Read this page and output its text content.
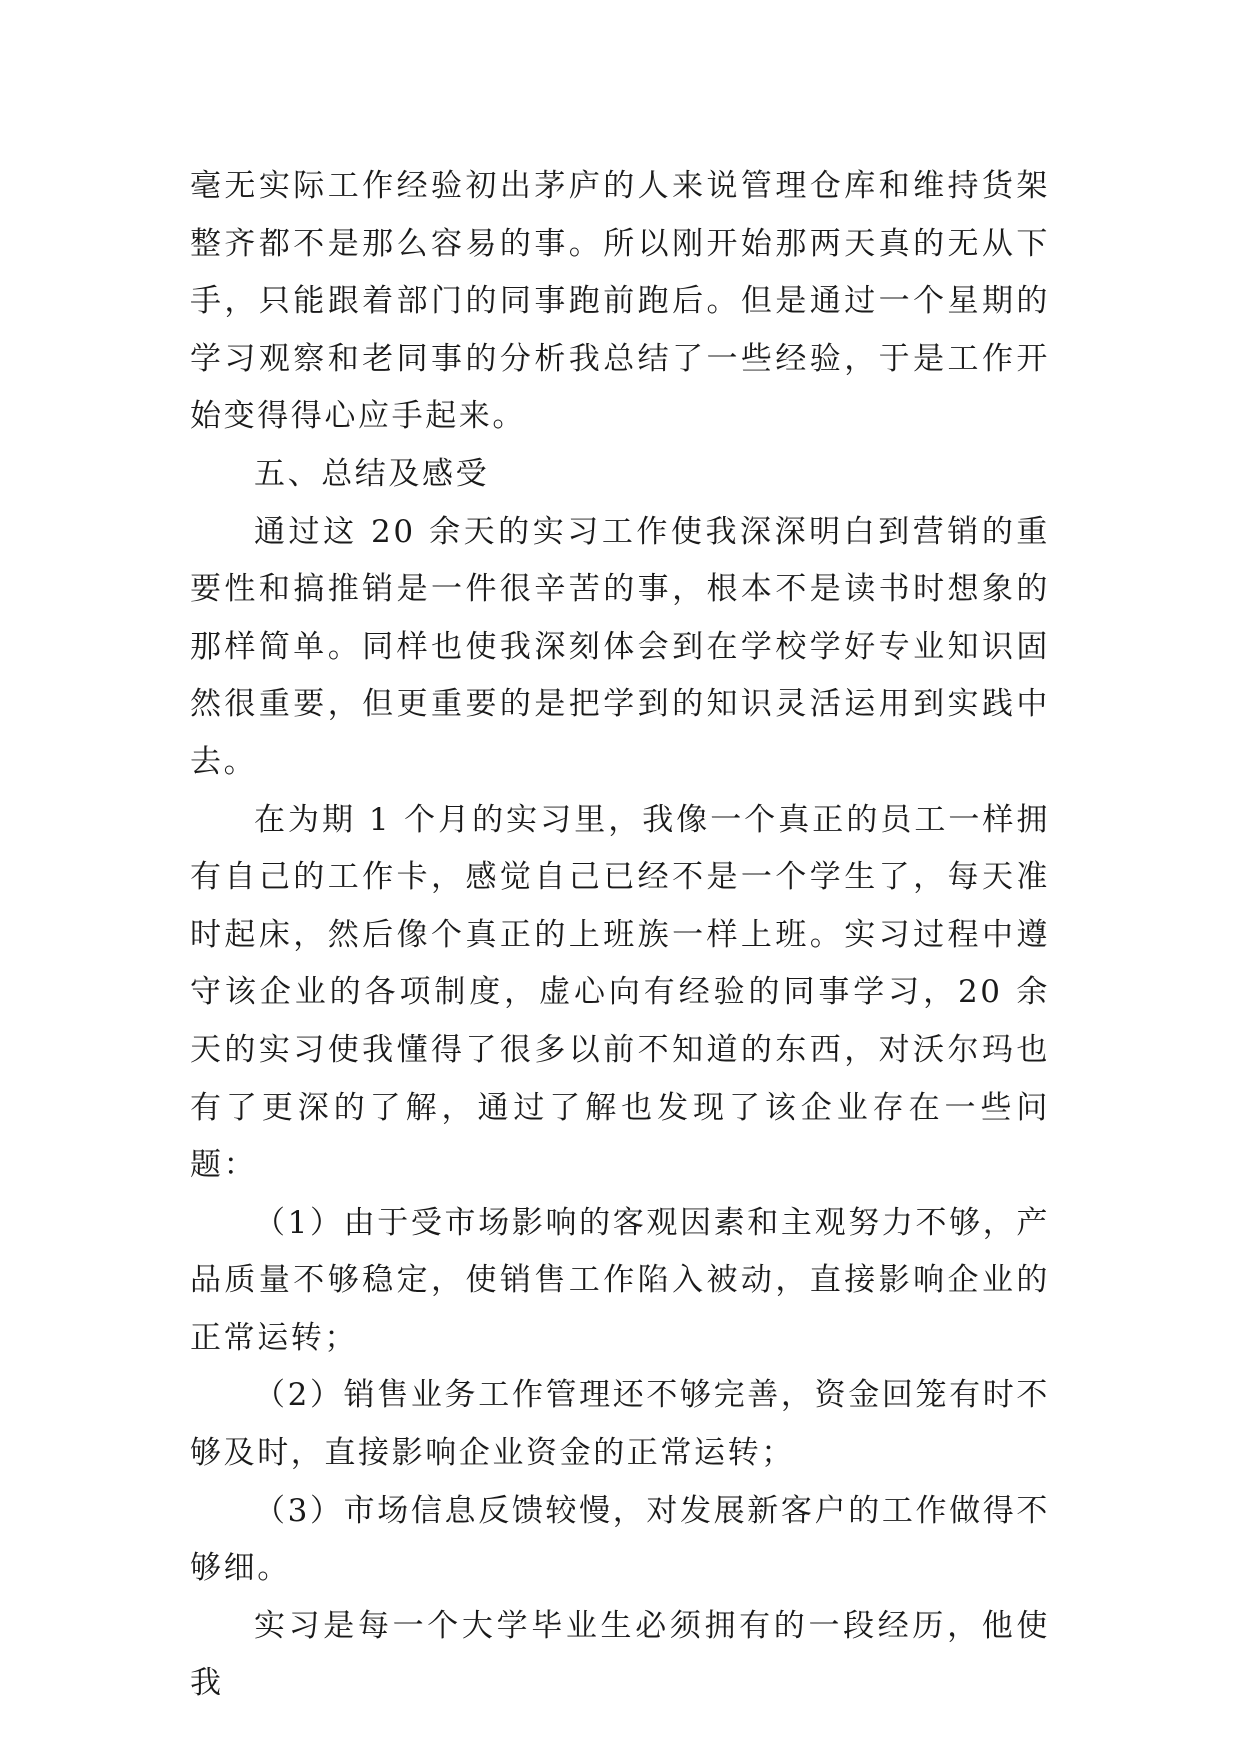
毫无实际工作经验初出茅庐的人来说管理仓库和维持货架整齐都不是那么容易的事。所以刚开始那两天真的无从下手，只能跟着部门的同事跑前跑后。但是通过一个星期的学习观察和老同事的分析我总结了一些经验，于是工作开始变得得心应手起来。

五、总结及感受

通过这 20 余天的实习工作使我深深明白到营销的重要性和搞推销是一件很辛苦的事，根本不是读书时想象的那样简单。同样也使我深刻体会到在学校学好专业知识固然很重要，但更重要的是把学到的知识灵活运用到实践中去。

在为期 1 个月的实习里，我像一个真正的员工一样拥有自己的工作卡，感觉自己已经不是一个学生了，每天准时起床，然后像个真正的上班族一样上班。实习过程中遵守该企业的各项制度，虚心向有经验的同事学习，20 余天的实习使我懂得了很多以前不知道的东西，对沃尔玛也有了更深的了解，通过了解也发现了该企业存在一些问题：

（1）由于受市场影响的客观因素和主观努力不够，产品质量不够稳定，使销售工作陷入被动，直接影响企业的正常运转；

（2）销售业务工作管理还不够完善，资金回笼有时不够及时，直接影响企业资金的正常运转；

（3）市场信息反馈较慢，对发展新客户的工作做得不够细。

实习是每一个大学毕业生必须拥有的一段经历，他使我
